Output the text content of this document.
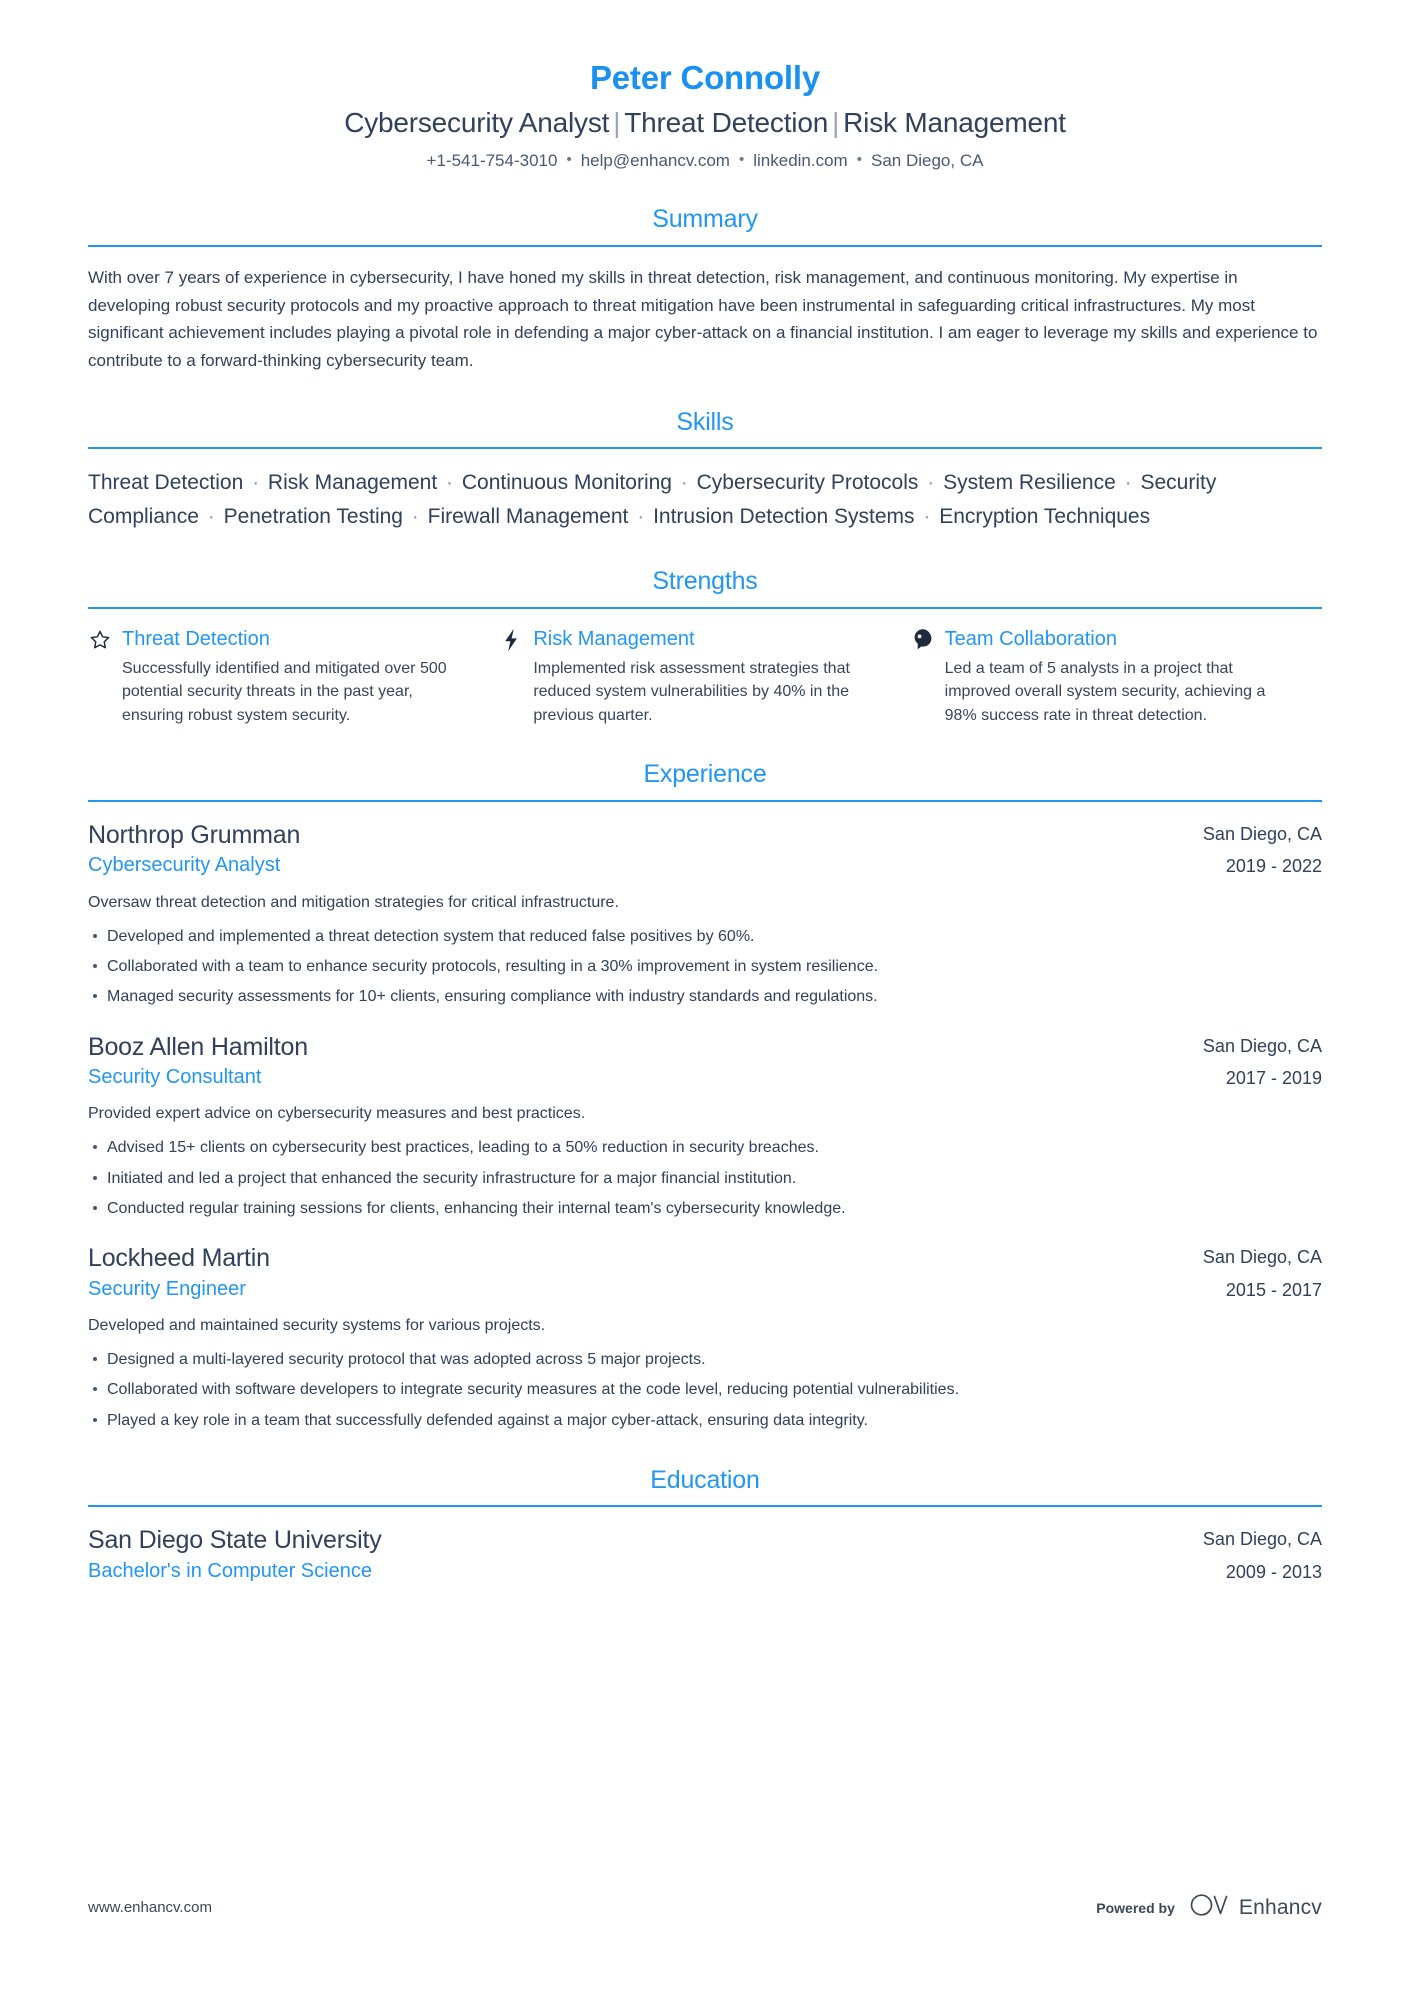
Peter Connolly
Cybersecurity Analyst | Threat Detection | Risk Management
+1-541-754-3010 • help@enhancv.com • linkedin.com • San Diego, CA
Summary

With over 7 years of experience in cybersecurity, I have honed my skills in threat detection, risk management, and continuous monitoring. My expertise in developing robust security protocols and my proactive approach to threat mitigation have been instrumental in safeguarding critical infrastructures. My most significant achievement includes playing a pivotal role in defending a major cyber-attack on a financial institution. I am eager to leverage my skills and experience to contribute to a forward-thinking cybersecurity team.

Skills
Threat Detection · Risk Management · Continuous Monitoring · Cybersecurity Protocols · System Resilience · Security Compliance · Penetration Testing · Firewall Management · Intrusion Detection Systems · Encryption Techniques
Strengths
Threat Detection
Successfully identified and mitigated over 500 potential security threats in the past year, ensuring robust system security.
Risk Management
Implemented risk assessment strategies that reduced system vulnerabilities by 40% in the previous quarter.
Team Collaboration
Led a team of 5 analysts in a project that improved overall system security, achieving a 98% success rate in threat detection.
Experience
Northrop Grumman
Cybersecurity Analyst
San Diego, CA
2019 - 2022
Oversaw threat detection and mitigation strategies for critical infrastructure.
Developed and implemented a threat detection system that reduced false positives by 60%.
Collaborated with a team to enhance security protocols, resulting in a 30% improvement in system resilience.
Managed security assessments for 10+ clients, ensuring compliance with industry standards and regulations.
Booz Allen Hamilton
Security Consultant
San Diego, CA
2017 - 2019
Provided expert advice on cybersecurity measures and best practices.
Advised 15+ clients on cybersecurity best practices, leading to a 50% reduction in security breaches.
Initiated and led a project that enhanced the security infrastructure for a major financial institution.
Conducted regular training sessions for clients, enhancing their internal team's cybersecurity knowledge.
Lockheed Martin
Security Engineer
San Diego, CA
2015 - 2017
Developed and maintained security systems for various projects.
Designed a multi-layered security protocol that was adopted across 5 major projects.
Collaborated with software developers to integrate security measures at the code level, reducing potential vulnerabilities.
Played a key role in a team that successfully defended against a major cyber-attack, ensuring data integrity.
Education
San Diego State University
Bachelor's in Computer Science
San Diego, CA
2009 - 2013
www.enhancv.com	Powered by	Enhancv
